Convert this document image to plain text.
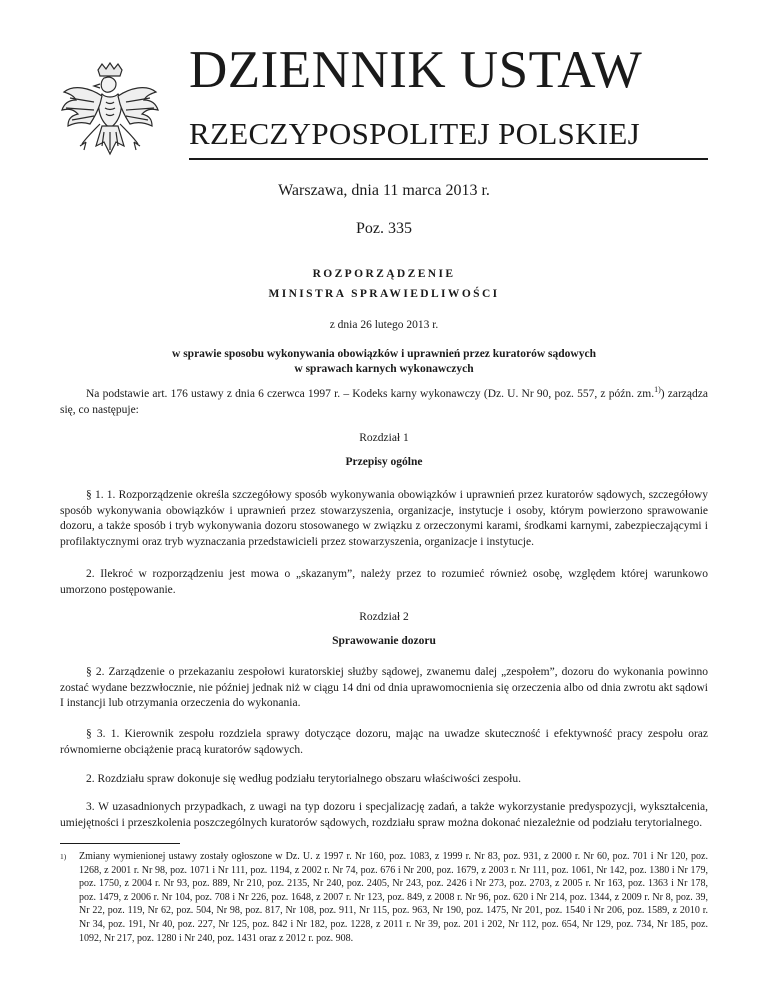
DZIENNIK USTAW
RZECZYPOSPOLITEJ POLSKIEJ
Warszawa, dnia 11 marca 2013 r.
Poz. 335
ROZPORZĄDZENIE
MINISTRA SPRAWIEDLIWOŚCI
z dnia 26 lutego 2013 r.
w sprawie sposobu wykonywania obowiązków i uprawnień przez kuratorów sądowych
w sprawach karnych wykonawczych

Na podstawie art. 176 ustawy z dnia 6 czerwca 1997 r. – Kodeks karny wykonawczy (Dz. U. Nr 90, poz. 557, z późn. zm.$^{1)}$) zarządza się, co następuje:

Rozdział 1
Przepisy ogólne

§ 1. 1. Rozporządzenie określa szczegółowy sposób wykonywania obowiązków i uprawnień przez kuratorów sądowych, szczegółowy sposób wykonywania obowiązków i uprawnień przez stowarzyszenia, organizacje, instytucje i osoby, którym powierzono sprawowanie dozoru, a także sposób i tryb wykonywania dozoru stosowanego w związku z orzeczonymi karami, środkami karnymi, zabezpieczającymi i profilaktycznymi oraz tryb wyznaczania przedstawicieli przez stowarzyszenia, organizacje i instytucje.

2. Ilekroć w rozporządzeniu jest mowa o „skazanym”, należy przez to rozumieć również osobę, względem której warunkowo umorzono postępowanie.

Rozdział 2
Sprawowanie dozoru

§ 2. Zarządzenie o przekazaniu zespołowi kuratorskiej służby sądowej, zwanemu dalej „zespołem”, dozoru do wykonania powinno zostać wydane bezzwłocznie, nie później jednak niż w ciągu 14 dni od dnia uprawomocnienia się orzeczenia albo od dnia zwrotu akt sądowi I instancji lub otrzymania orzeczenia do wykonania.

§ 3. 1. Kierownik zespołu rozdziela sprawy dotyczące dozoru, mając na uwadze skuteczność i efektywność pracy zespołu oraz równomierne obciążenie pracą kuratorów sądowych.

2. Rozdziału spraw dokonuje się według podziału terytorialnego obszaru właściwości zespołu.

3. W uzasadnionych przypadkach, z uwagi na typ dozoru i specjalizację zadań, a także wykorzystanie predyspozycji, wykształcenia, umiejętności i przeszkolenia poszczególnych kuratorów sądowych, rozdziału spraw można dokonać niezależnie od podziału terytorialnego.

1) Zmiany wymienionej ustawy zostały ogłoszone w Dz. U. z 1997 r. Nr 160, poz. 1083, z 1999 r. Nr 83, poz. 931, z 2000 r. Nr 60, poz. 701 i Nr 120, poz. 1268, z 2001 r. Nr 98, poz. 1071 i Nr 111, poz. 1194, z 2002 r. Nr 74, poz. 676 i Nr 200, poz. 1679, z 2003 r. Nr 111, poz. 1061, Nr 142, poz. 1380 i Nr 179, poz. 1750, z 2004 r. Nr 93, poz. 889, Nr 210, poz. 2135, Nr 240, poz. 2405, Nr 243, poz. 2426 i Nr 273, poz. 2703, z 2005 r. Nr 163, poz. 1363 i Nr 178, poz. 1479, z 2006 r. Nr 104, poz. 708 i Nr 226, poz. 1648, z 2007 r. Nr 123, poz. 849, z 2008 r. Nr 96, poz. 620 i Nr 214, poz. 1344, z 2009 r. Nr 8, poz. 39, Nr 22, poz. 119, Nr 62, poz. 504, Nr 98, poz. 817, Nr 108, poz. 911, Nr 115, poz. 963, Nr 190, poz. 1475, Nr 201, poz. 1540 i Nr 206, poz. 1589, z 2010 r. Nr 34, poz. 191, Nr 40, poz. 227, Nr 125, poz. 842 i Nr 182, poz. 1228, z 2011 r. Nr 39, poz. 201 i 202, Nr 112, poz. 654, Nr 129, poz. 734, Nr 185, poz. 1092, Nr 217, poz. 1280 i Nr 240, poz. 1431 oraz z 2012 r. poz. 908.
